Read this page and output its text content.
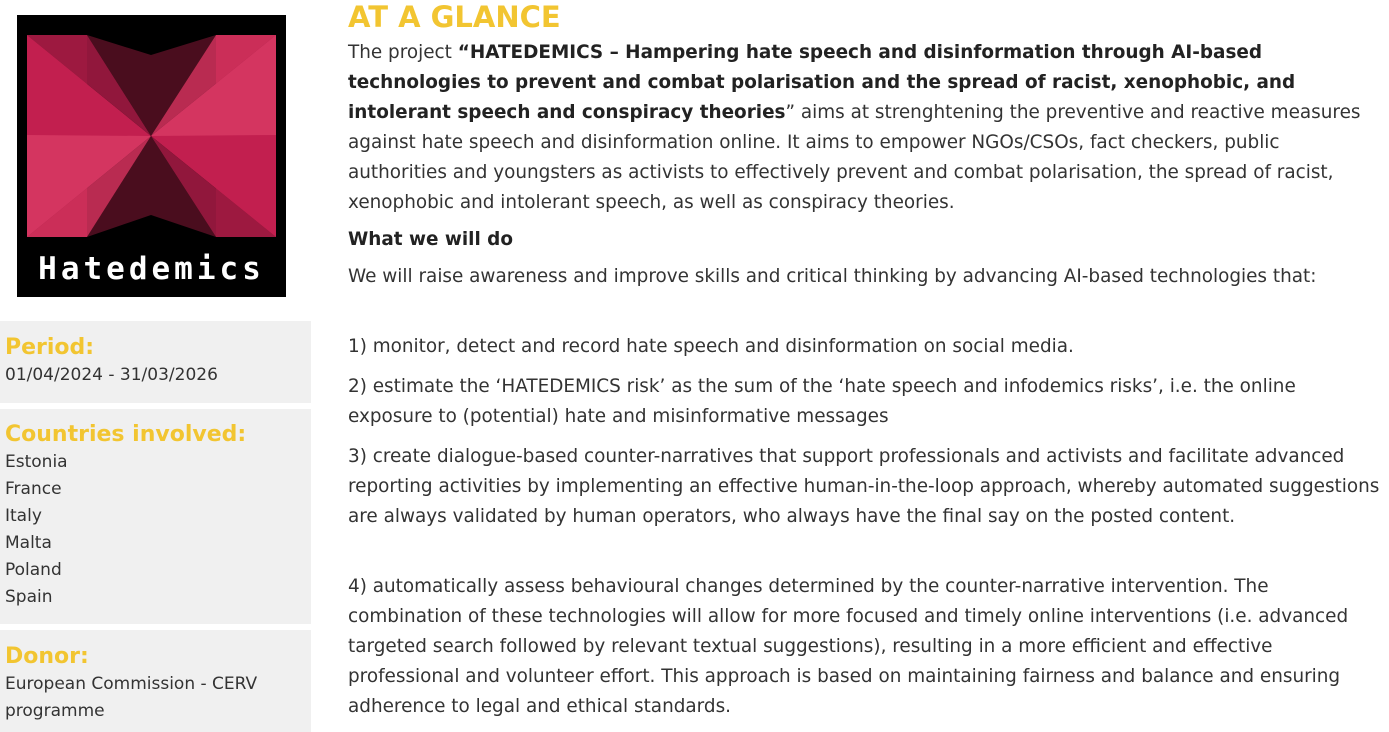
Hatedemics
Period:
01/04/2024 - 31/03/2026
Countries involved:
Estonia
France
Italy
Malta
Poland
Spain
Donor:
European Commission - CERV
programme
AT A GLANCE

The project “HATEDEMICS – Hampering hate speech and disinformation through AI-based technologies to prevent and combat polarisation and the spread of racist, xenophobic, and intolerant speech and conspiracy theories” aims at strenghtening the preventive and reactive measures against hate speech and disinformation online. It aims to empower NGOs/CSOs, fact checkers, public authorities and youngsters as activists to effectively prevent and combat polarisation, the spread of racist, xenophobic and intolerant speech, as well as conspiracy theories.

What we will do

We will raise awareness and improve skills and critical thinking by advancing AI-based technologies that:

1) monitor, detect and record hate speech and disinformation on social media.

2) estimate the ‘HATEDEMICS risk’ as the sum of the ‘hate speech and infodemics risks’, i.e. the online exposure to (potential) hate and misinformative messages

3) create dialogue-based counter-narratives that support professionals and activists and facilitate advanced reporting activities by implementing an effective human-in-the-loop approach, whereby automated suggestions are always validated by human operators, who always have the final say on the posted content.

4) automatically assess behavioural changes determined by the counter-narrative intervention. The combination of these technologies will allow for more focused and timely online interventions (i.e. advanced targeted search followed by relevant textual suggestions), resulting in a more efficient and effective professional and volunteer effort. This approach is based on maintaining fairness and balance and ensuring adherence to legal and ethical standards.
